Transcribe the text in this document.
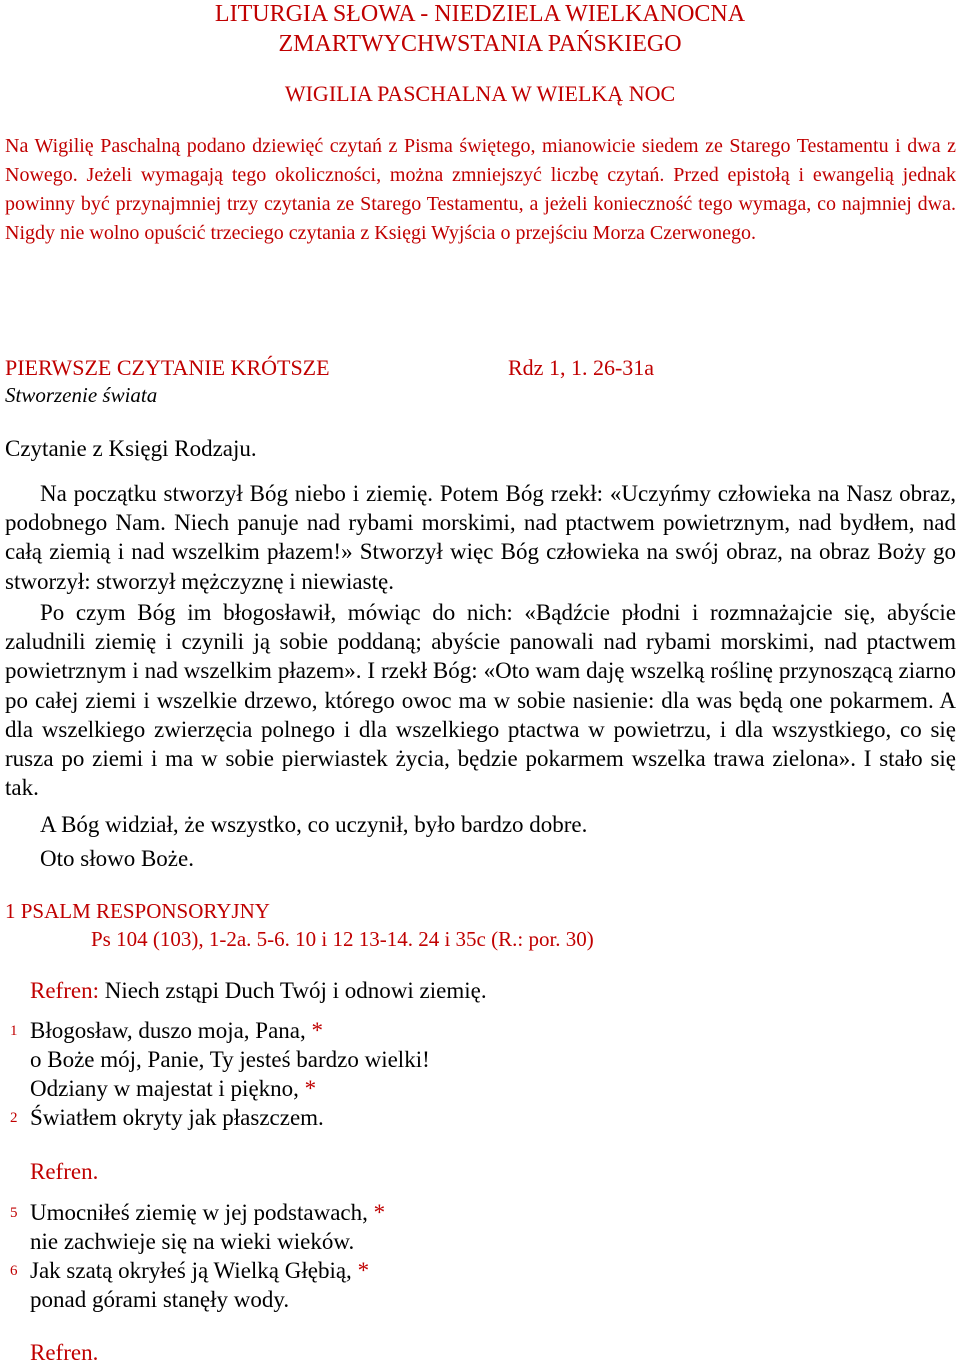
LITURGIA SŁOWA - NIEDZIELA WIELKANOCNA
ZMARTWYCHWSTANIA PAŃSKIEGO
WIGILIA PASCHALNA W WIELKĄ NOC

Na Wigilię Paschalną podano dziewięć czytań z Pisma świętego, mianowicie siedem ze Starego Testamentu i dwa z Nowego. Jeżeli wymagają tego okoliczności, można zmniejszyć liczbę czytań. Przed epistołą i ewangelią jednak powinny być przynajmniej trzy czytania ze Starego Testamentu, a jeżeli konieczność tego wymaga, co najmniej dwa. Nigdy nie wolno opuścić trzeciego czytania z Księgi Wyjścia o przejściu Morza Czerwonego.

PIERWSZE CZYTANIE KRÓTSZE	Rdz 1, 1. 26-31a
Stworzenie świata
Czytanie z Księgi Rodzaju.

Na początku stworzył Bóg niebo i ziemię. Potem Bóg rzekł: «Uczyńmy człowieka na Nasz obraz, podobnego Nam. Niech panuje nad rybami morskimi, nad ptactwem powietrznym, nad bydłem, nad całą ziemią i nad wszelkim płazem!» Stworzył więc Bóg człowieka na swój obraz, na obraz Boży go stworzył: stworzył mężczyznę i niewiastę.

Po czym Bóg im błogosławił, mówiąc do nich: «Bądźcie płodni i rozmnażajcie się, abyście zaludnili ziemię i czynili ją sobie poddaną; abyście panowali nad rybami morskimi, nad ptactwem powietrznym i nad wszelkim płazem». I rzekł Bóg: «Oto wam daję wszelką roślinę przynoszącą ziarno po całej ziemi i wszelkie drzewo, którego owoc ma w sobie nasienie: dla was będą one pokarmem. A dla wszelkiego zwierzęcia polnego i dla wszelkiego ptactwa w powietrzu, i dla wszystkiego, co się rusza po ziemi i ma w sobie pierwiastek życia, będzie pokarmem wszelka trawa zielona». I stało się tak.

A Bóg widział, że wszystko, co uczynił, było bardzo dobre.

Oto słowo Boże.

1 PSALM RESPONSORYJNY
Ps 104 (103), 1-2a. 5-6. 10 i 12 13-14. 24 i 35c (R.: por. 30)
Refren: Niech zstąpi Duch Twój i odnowi ziemię.
1 Błogosław, duszo moja, Pana, *
o Boże mój, Panie, Ty jesteś bardzo wielki!
Odziany w majestat i piękno, *
2 Światłem okryty jak płaszczem.
Refren.
5 Umocniłeś ziemię w jej podstawach, *
nie zachwieje się na wieki wieków.
6 Jak szatą okryłeś ją Wielką Głębią, *
ponad górami stanęły wody.
Refren.
